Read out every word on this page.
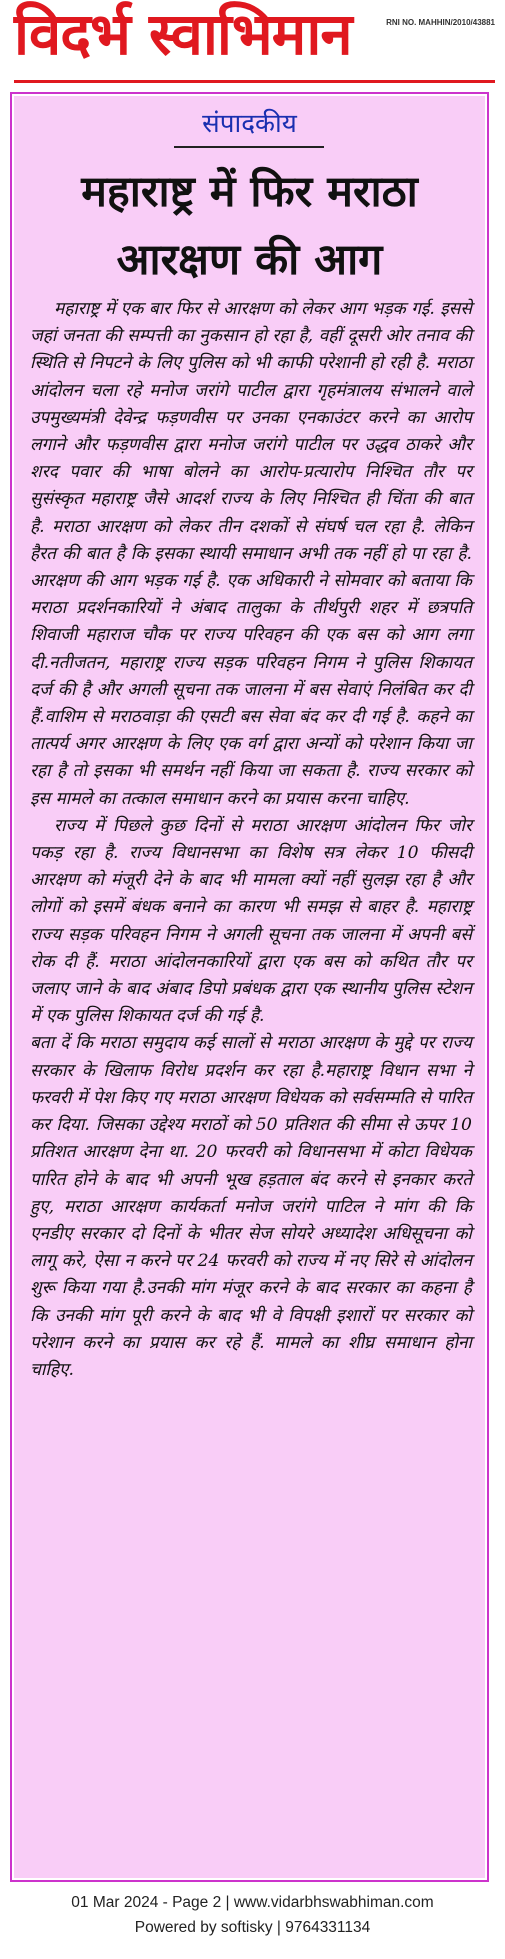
विदर्भ स्वाभिमान	RNI NO. MAHHIN/2010/43881
संपादकीय
महाराष्ट्र में फिर मराठा
आरक्षण की आग

महाराष्ट्र में एक बार फिर से आरक्षण को लेकर आग भड़क गई. इससे जहां जनता की सम्पत्ती का नुकसान हो रहा है, वहीं दूसरी ओर तनाव की स्थिति से निपटने के लिए पुलिस को भी काफी परेशानी हो रही है. मराठा आंदोलन चला रहे मनोज जरांगे पाटील द्वारा गृहमंत्रालय संभालने वाले उपमुख्यमंत्री देवेन्द्र फड़णवीस पर उनका एनकाउंटर करने का आरोप लगाने और फड़णवीस द्वारा मनोज जरांगे पाटील पर उद्धव ठाकरे और शरद पवार की भाषा बोलने का आरोप-प्रत्यारोप निश्चित तौर पर सुसंस्कृत महाराष्ट्र जैसे आदर्श राज्य के लिए निश्चित ही चिंता की बात है. मराठा आरक्षण को लेकर तीन दशकों से संघर्ष चल रहा है. लेकिन हैरत की बात है कि इसका स्थायी समाधान अभी तक नहीं हो पा रहा है. आरक्षण की आग भड़क गई है. एक अधिकारी ने सोमवार को बताया कि मराठा प्रदर्शनकारियों ने अंबाद तालुका के तीर्थपुरी शहर में छत्रपति शिवाजी महाराज चौक पर राज्य परिवहन की एक बस को आग लगा दी.नतीजतन, महाराष्ट्र राज्य सड़क परिवहन निगम ने पुलिस शिकायत दर्ज की है और अगली सूचना तक जालना में बस सेवाएं निलंबित कर दी हैं.वाशिम से मराठवाड़ा की एसटी बस सेवा बंद कर दी गई है. कहने का तात्पर्य अगर आरक्षण के लिए एक वर्ग द्वारा अन्यों को परेशान किया जा रहा है तो इसका भी समर्थन नहीं किया जा सकता है. राज्य सरकार को इस मामले का तत्काल समाधान करने का प्रयास करना चाहिए.

राज्य में पिछले कुछ दिनों से मराठा आरक्षण आंदोलन फिर जोर पकड़ रहा है. राज्य विधानसभा का विशेष सत्र लेकर 10 फीसदी आरक्षण को मंजूरी देने के बाद भी मामला क्यों नहीं सुलझ रहा है और लोगों को इसमें बंधक बनाने का कारण भी समझ से बाहर है. महाराष्ट्र राज्य सड़क परिवहन निगम ने अगली सूचना तक जालना में अपनी बसें रोक दी हैं. मराठा आंदोलनकारियों द्वारा एक बस को कथित तौर पर जलाए जाने के बाद अंबाद डिपो प्रबंधक द्वारा एक स्थानीय पुलिस स्टेशन में एक पुलिस शिकायत दर्ज की गई है.

बता दें कि मराठा समुदाय कई सालों से मराठा आरक्षण के मुद्दे पर राज्य सरकार के खिलाफ विरोध प्रदर्शन कर रहा है.महाराष्ट्र विधान सभा ने फरवरी में पेश किए गए मराठा आरक्षण विधेयक को सर्वसम्मति से पारित कर दिया. जिसका उद्देश्य मराठों को 50 प्रतिशत की सीमा से ऊपर 10 प्रतिशत आरक्षण देना था. 20 फरवरी को विधानसभा में कोटा विधेयक पारित होने के बाद भी अपनी भूख हड़ताल बंद करने से इनकार करते हुए, मराठा आरक्षण कार्यकर्ता मनोज जरांगे पाटिल ने मांग की कि एनडीए सरकार दो दिनों के भीतर सेज सोयरे अध्यादेश अधिसूचना को लागू करे, ऐसा न करने पर 24 फरवरी को राज्य में नए सिरे से आंदोलन शुरू किया गया है.उनकी मांग मंजूर करने के बाद सरकार का कहना है कि उनकी मांग पूरी करने के बाद भी वे विपक्षी इशारों पर सरकार को परेशान करने का प्रयास कर रहे हैं. मामले का शीघ्र समाधान होना चाहिए.

01 Mar 2024 - Page 2 | www.vidarbhswabhiman.com
Powered by softisky | 9764331134
